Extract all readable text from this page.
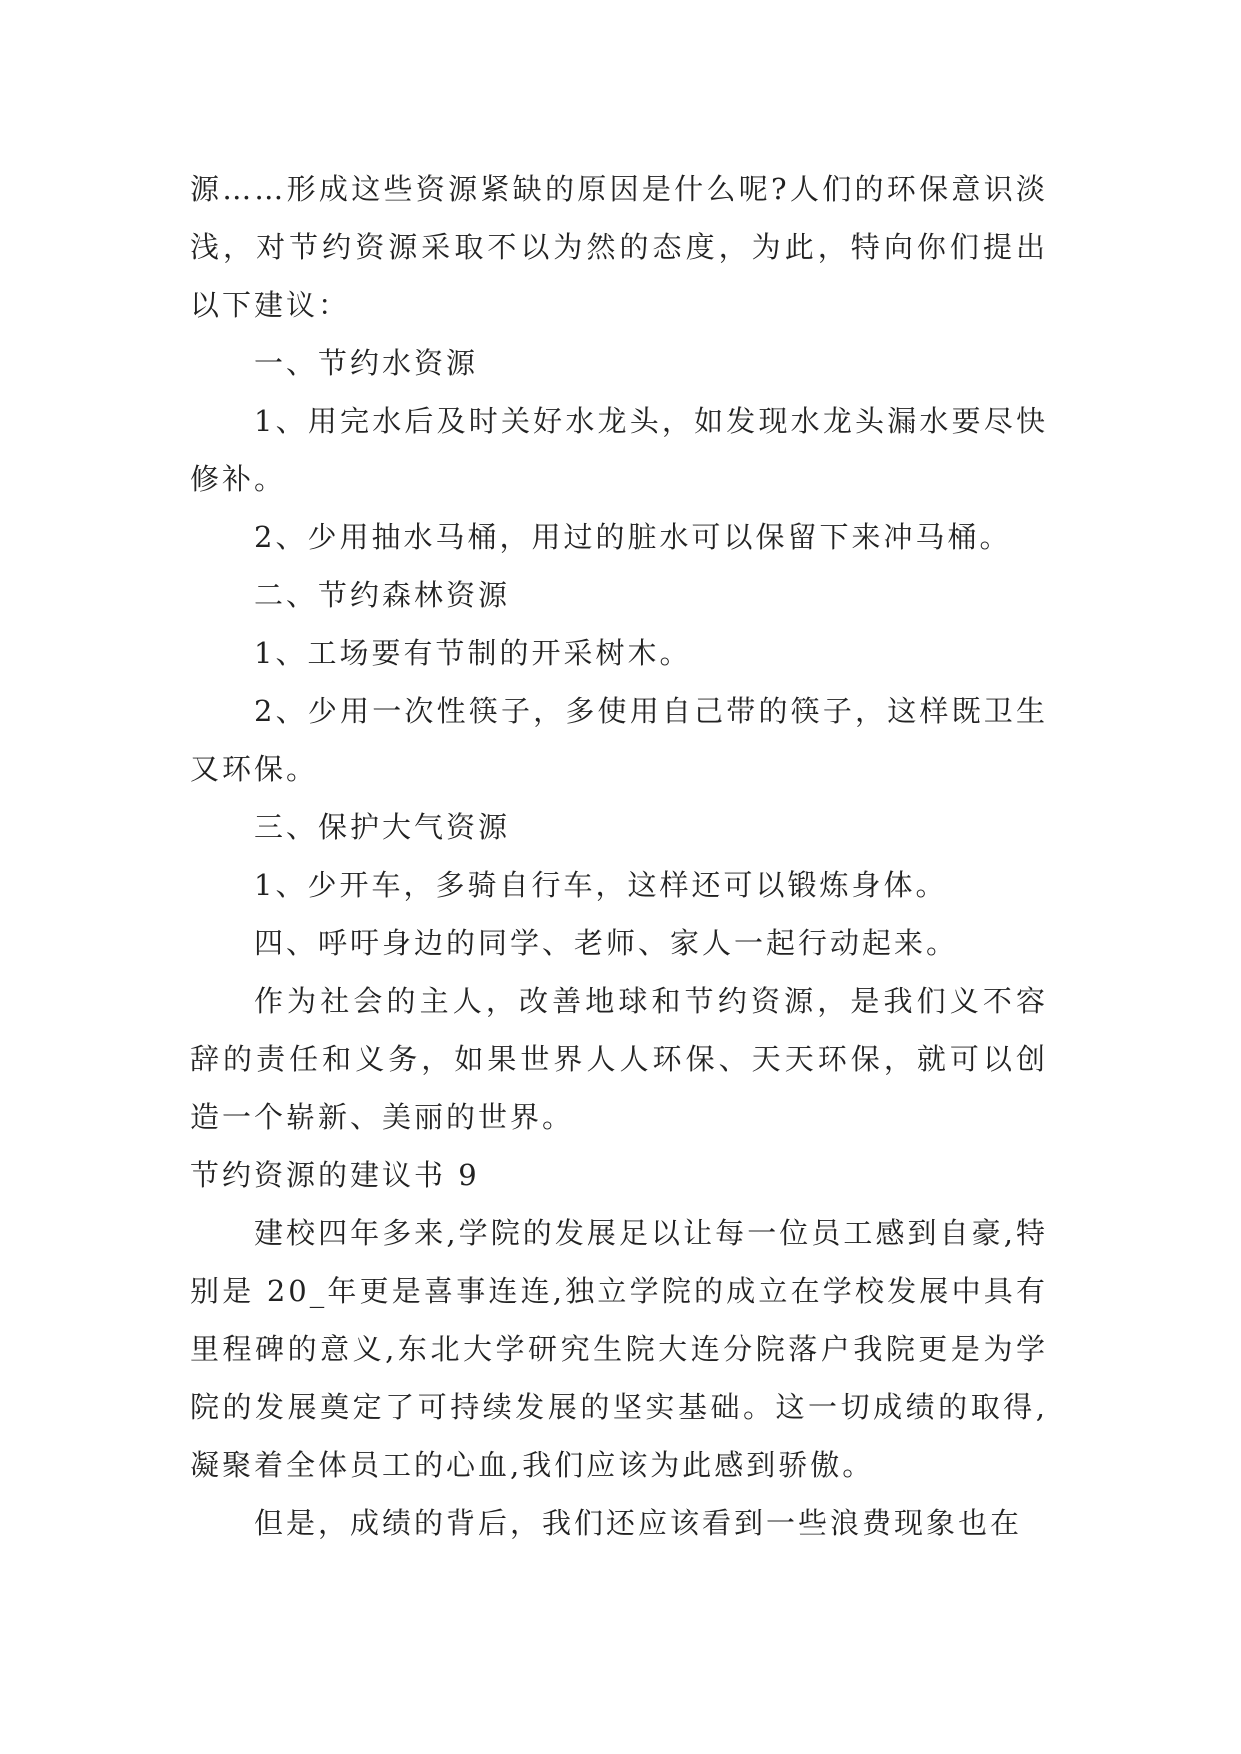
源……形成这些资源紧缺的原因是什么呢?人们的环保意识淡浅，对节约资源采取不以为然的态度，为此，特向你们提出以下建议：

一、节约水资源

1、用完水后及时关好水龙头，如发现水龙头漏水要尽快修补。

2、少用抽水马桶，用过的脏水可以保留下来冲马桶。

二、节约森林资源

1、工场要有节制的开采树木。

2、少用一次性筷子，多使用自己带的筷子，这样既卫生又环保。

三、保护大气资源

1、少开车，多骑自行车，这样还可以锻炼身体。

四、呼吁身边的同学、老师、家人一起行动起来。

作为社会的主人，改善地球和节约资源，是我们义不容辞的责任和义务，如果世界人人环保、天天环保，就可以创造一个崭新、美丽的世界。

节约资源的建议书 9

建校四年多来,学院的发展足以让每一位员工感到自豪,特别是 20_年更是喜事连连,独立学院的成立在学校发展中具有里程碑的意义,东北大学研究生院大连分院落户我院更是为学院的发展奠定了可持续发展的坚实基础。这一切成绩的取得,凝聚着全体员工的心血,我们应该为此感到骄傲。

但是，成绩的背后，我们还应该看到一些浪费现象也在
